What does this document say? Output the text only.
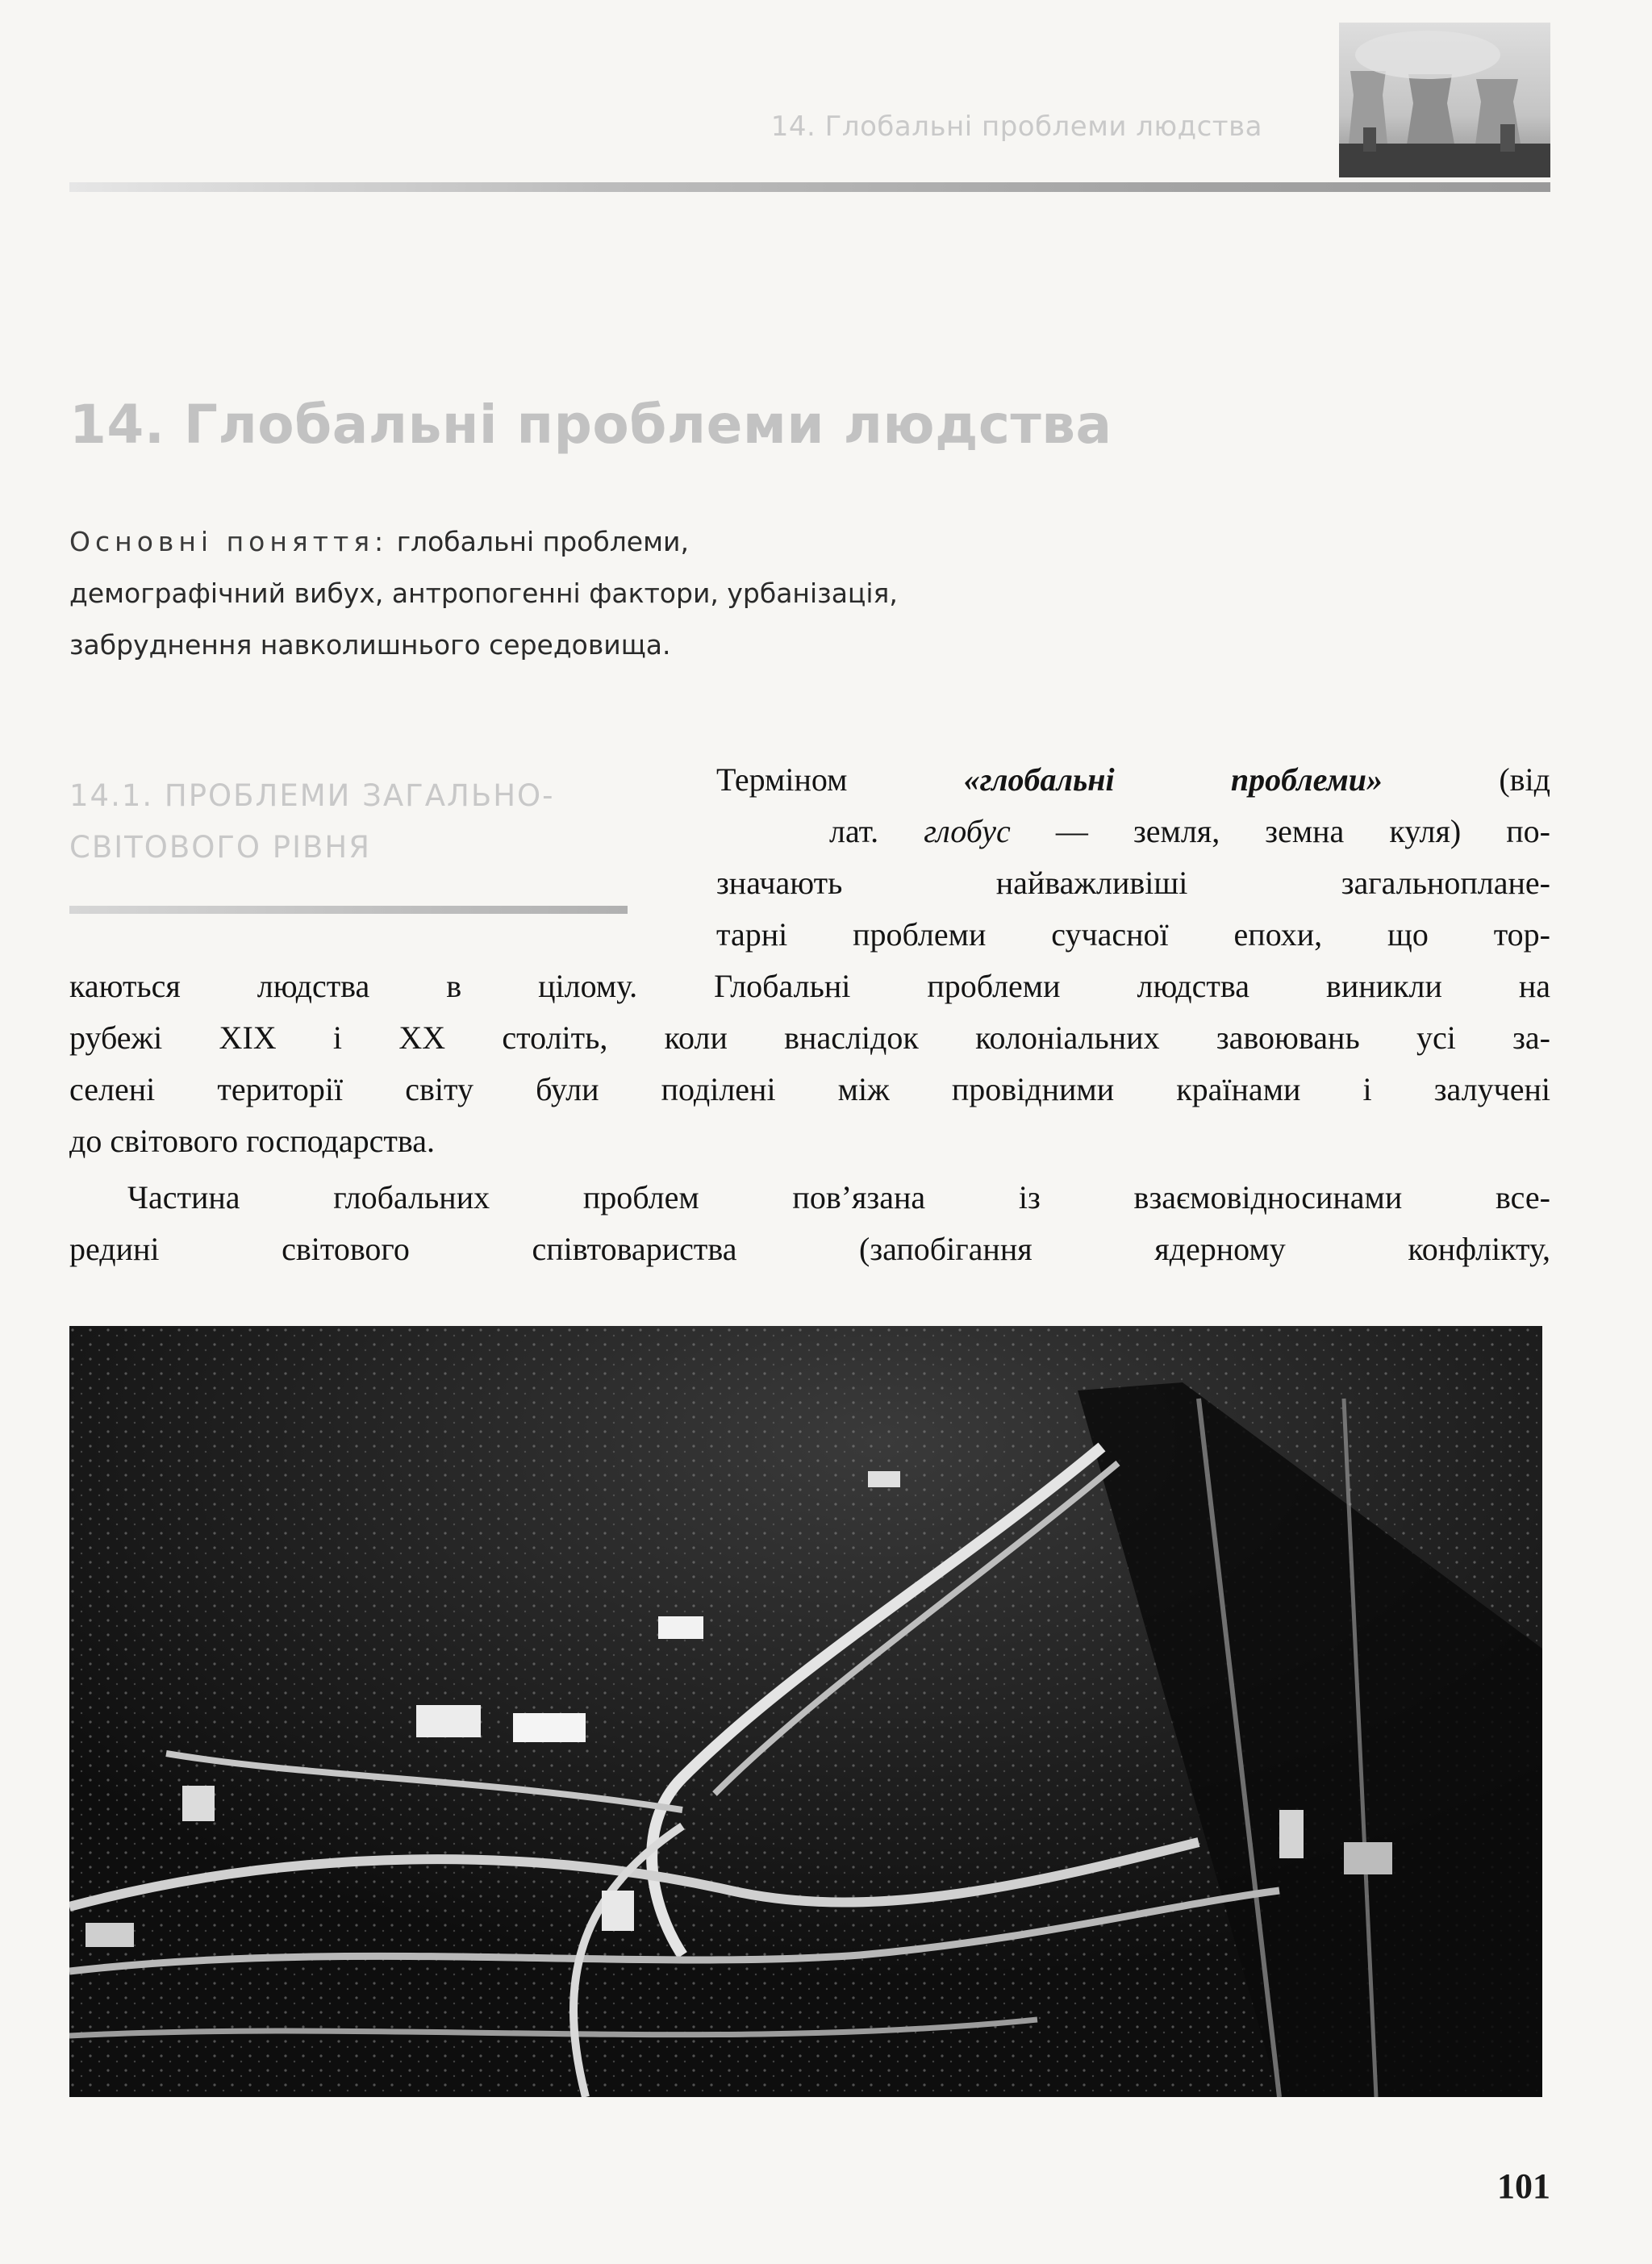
14. Глобальні проблеми людства
14. Глобальні проблеми людства
Основні поняття: глобальні проблеми,
демографічний вибух, антропогенні фактори, урбанізація,
забруднення навколишнього середовища.
14.1. ПРОБЛЕМИ ЗАГАЛЬНО-
СВІТОВОГО РІВНЯ
Терміном «глобальні проблеми» (від
лат. глобус — земля, земна куля) по-
значають найважливіші загальноплане-
тарні проблеми сучасної епохи, що тор-
каються людства в цілому. Глобальні проблеми людства виникли на
рубежі XIX і XX століть, коли внаслідок колоніальних завоювань усі за-
селені території світу були поділені між провідними країнами і залучені
до світового господарства.
Частина глобальних проблем пов’язана із взаємовідносинами все-
редині світового співтовариства (запобігання ядерному конфлікту,
101
